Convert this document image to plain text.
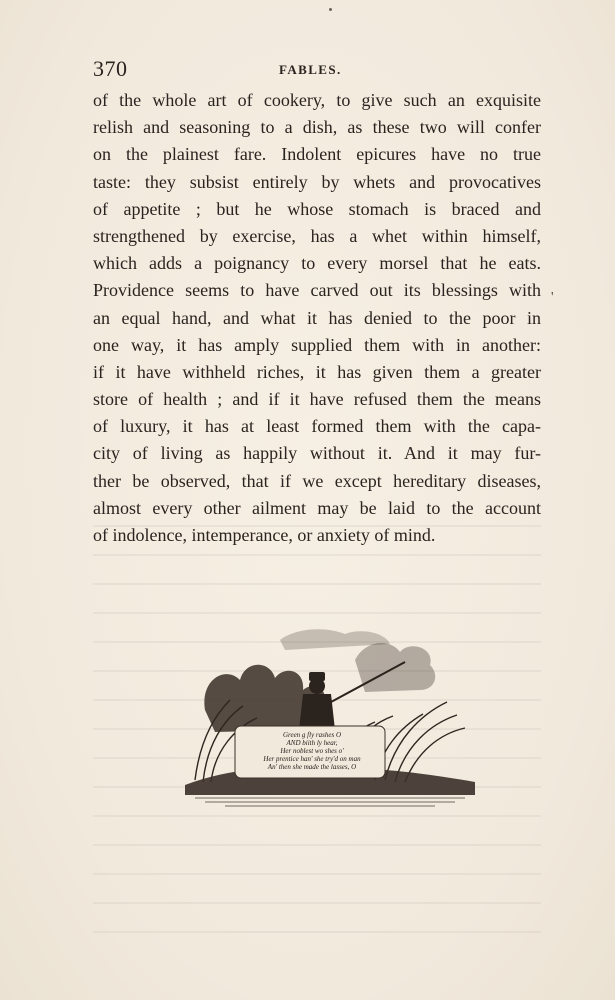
370	FABLES.
of the whole art of cookery, to give such an exquisite
relish and seasoning to a dish, as these two will confer
on the plainest fare. Indolent epicures have no true
taste: they subsist entirely by whets and provocatives
of appetite ; but he whose stomach is braced and
strengthened by exercise, has a whet within himself,
which adds a poignancy to every morsel that he eats.
Providence seems to have carved out its blessings with
an equal hand, and what it has denied to the poor in
one way, it has amply supplied them with in another:
if it have withheld riches, it has given them a greater
store of health ; and if it have refused them the means
of luxury, it has at least formed them with the capa-
city of living as happily without it. And it may fur-
ther be observed, that if we except hereditary diseases,
almost every other ailment may be laid to the account
of indolence, intemperance, or anxiety of mind.
'
Green g fly rashes O
AND biith ly hear,
Her noblest wo shes o'
Her prentice han' she try'd on man
An' then she made the lasses, O
